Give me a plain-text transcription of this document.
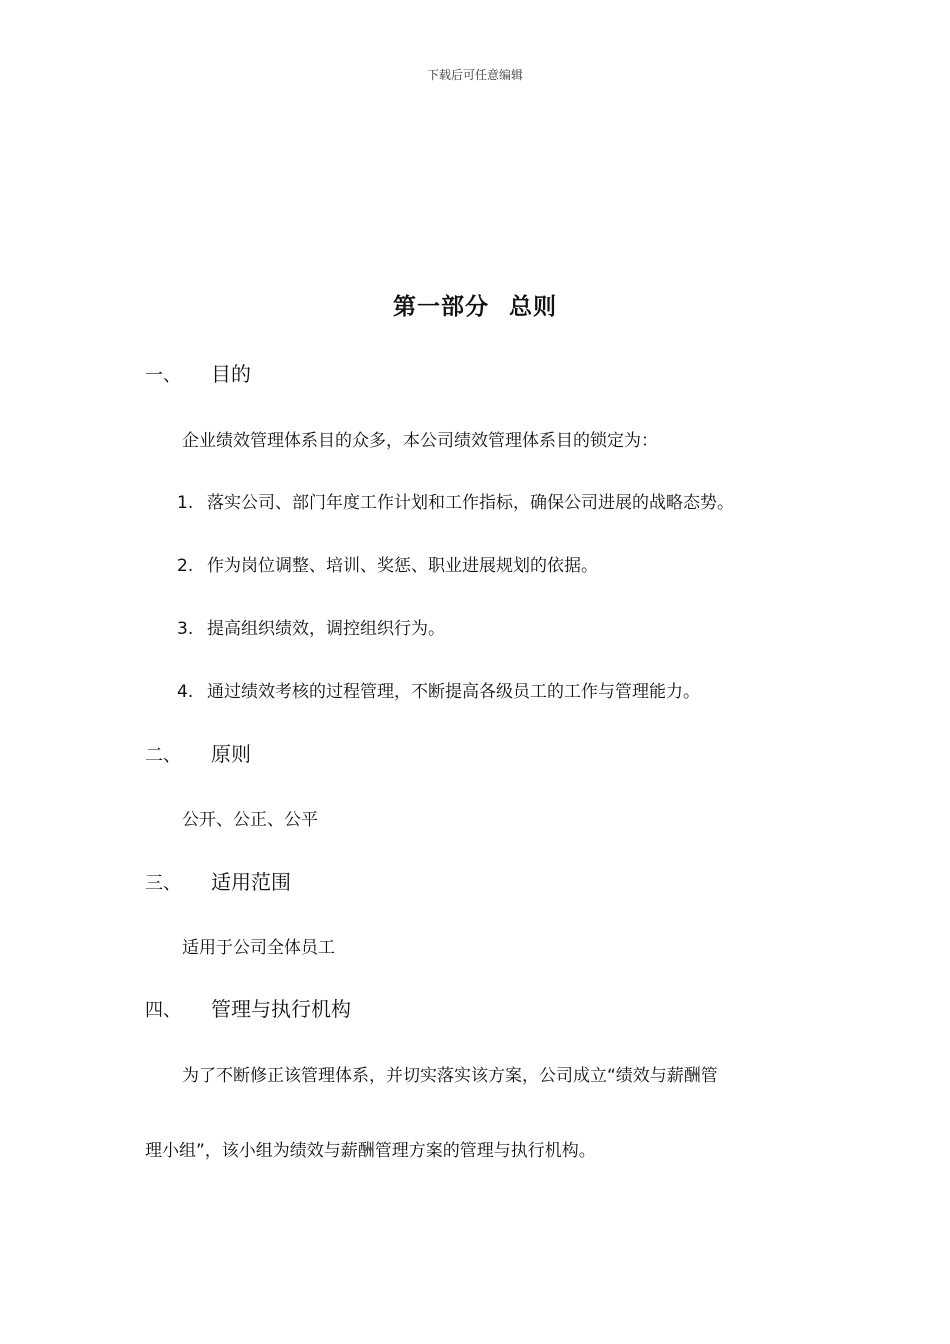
下载后可任意编辑
第一部分 总则
一、 目的
企业绩效管理体系目的众多，本公司绩效管理体系目的锁定为：
1. 落实公司、部门年度工作计划和工作指标，确保公司进展的战略态势。
2. 作为岗位调整、培训、奖惩、职业进展规划的依据。
3. 提高组织绩效，调控组织行为。
4. 通过绩效考核的过程管理，不断提高各级员工的工作与管理能力。
二、 原则
公开、公正、公平
三、 适用范围
适用于公司全体员工
四、 管理与执行机构
为了不断修正该管理体系，并切实落实该方案，公司成立“绩效与薪酬管
理小组”，该小组为绩效与薪酬管理方案的管理与执行机构。
